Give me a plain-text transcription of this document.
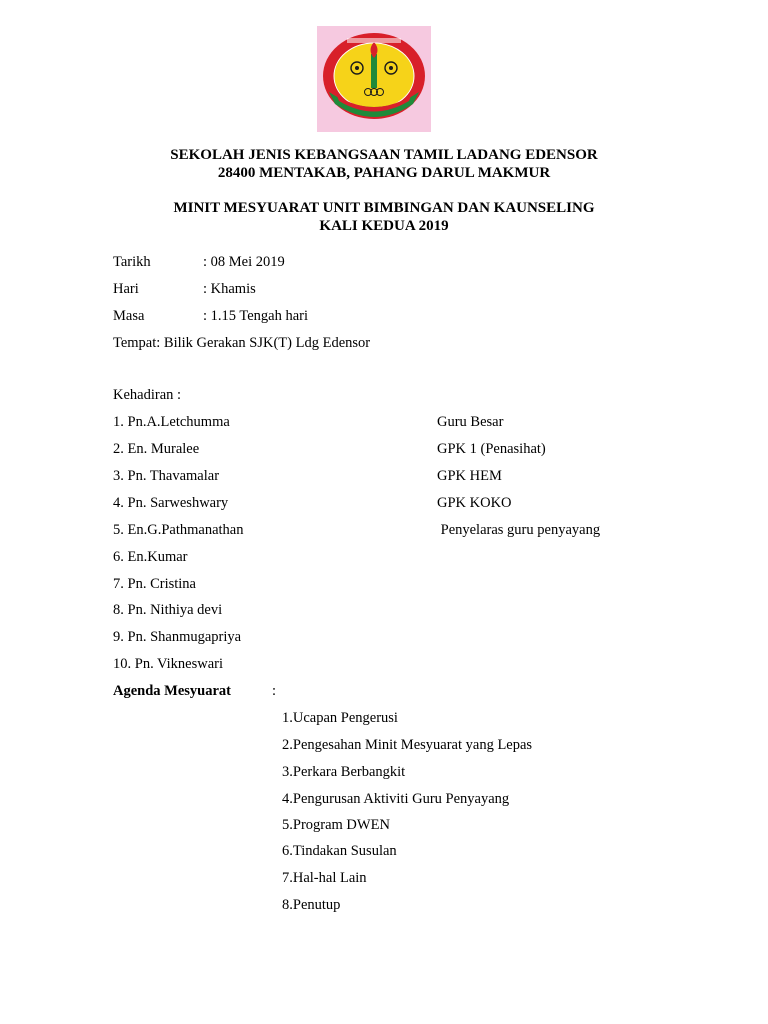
SEKOLAH JENIS KEBANGSAAN TAMIL LADANG EDENSOR

28400 MENTAKAB, PAHANG DARUL MAKMUR

MINIT MESYUARAT UNIT BIMBINGAN DAN KAUNSELING

KALI KEDUA 2019

Tarikh	: 08 Mei 2019
Hari	: Khamis
Masa	: 1.15 Tengah hari
Tempat: Bilik Gerakan SJK(T) Ldg Edensor
Kehadiran :
1. Pn.A.Letchumma	Guru Besar
2. En. Muralee	GPK 1 (Penasihat)
3. Pn. Thavamalar	GPK HEM
4. Pn. Sarweshwary	GPK KOKO
5. En.G.Pathmanathan	Penyelaras guru penyayang
6. En.Kumar
7. Pn. Cristina
8. Pn. Nithiya devi
9. Pn. Shanmugapriya
10. Pn. Vikneswari
Agenda Mesyuarat	:
1.Ucapan Pengerusi
2.Pengesahan Minit Mesyuarat yang Lepas
3.Perkara Berbangkit
4.Pengurusan Aktiviti Guru Penyayang
5.Program DWEN
6.Tindakan Susulan
7.Hal-hal Lain
8.Penutup
